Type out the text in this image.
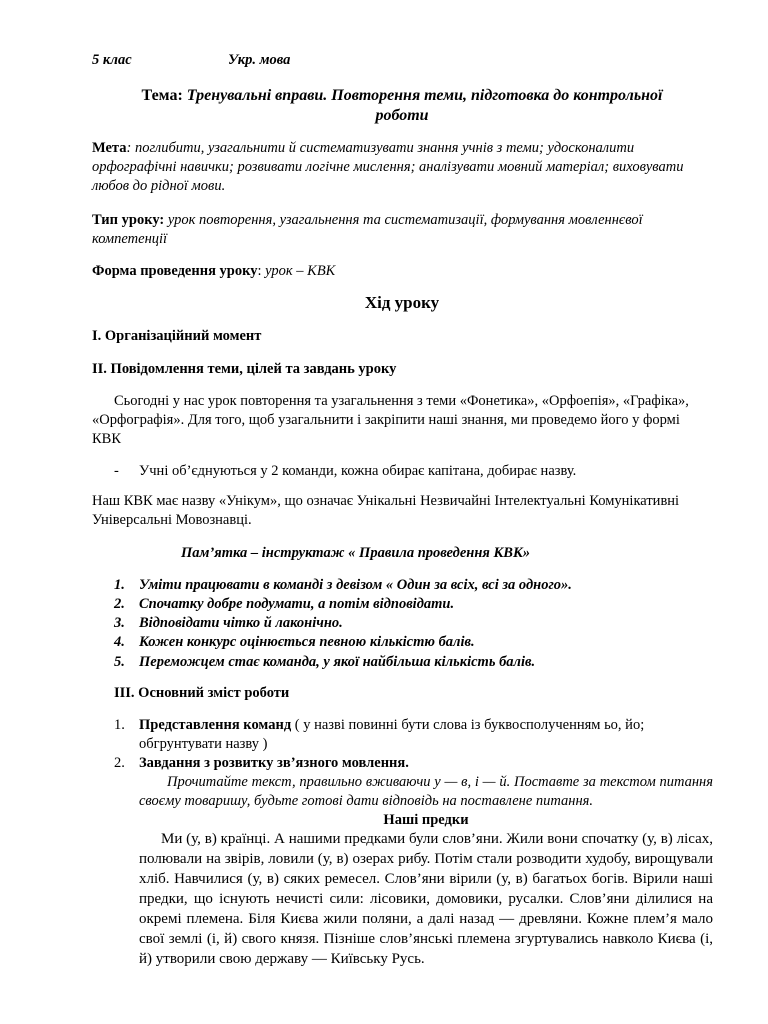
5 клас	Укр. мова
Тема: Тренувальні вправи. Повторення теми, підготовка до контрольної
роботи
Мета: поглибити, узагальнити й систематизувати знання учнів з теми; удосконалити орфографічні навички; розвивати логічне мислення; аналізувати мовний матеріал; виховувати любов до рідної мови.
Тип уроку: урок повторення, узагальнення та систематизації, формування мовленнєвої компетенції
Форма проведення уроку: урок – КВК
Хід уроку
І. Організаційний момент
ІІ. Повідомлення теми, цілей та завдань уроку
Сьогодні у нас урок повторення та узагальнення з теми «Фонетика», «Орфоепія», «Графіка», «Орфографія». Для того, щоб узагальнити і закріпити наші знання, ми проведемо його у формі КВК
- Учні об’єднуються у 2 команди, кожна обирає капітана, добирає назву.
Наш КВК має назву «Унікум», що означає Унікальні Незвичайні Інтелектуальні Комунікативні Універсальні Мовознавці.
Пам’ятка – інструктаж « Правила проведення КВК»
1. Уміти працювати в команді з девізом « Один за всіх, всі за одного».
2. Спочатку добре подумати, а потім відповідати.
3. Відповідати чітко й лаконічно.
4. Кожен конкурс оцінюється певною кількістю балів.
5. Переможцем стає команда, у якої найбільша кількість балів.
ІІІ. Основний зміст роботи
1. Представлення команд ( у назві повинні бути слова із буквосполученням ьо, йо; обгрунтувати назву )
2. Завдання з розвитку зв’язного мовлення.
Прочитайте текст, правильно вживаючи у — в, і — й. Поставте за текстом питання своєму товаришу, будьте готові дати відповідь на поставлене питання.
Наші предки
Ми (у, в) країнці. А нашими предками були слов’яни. Жили вони спочатку (у, в) лісах, полювали на звірів, ловили (у, в) озерах рибу. Потім стали розводити худобу, вирощували хліб. Навчилися (у, в) сяких ремесел. Слов’яни вірили (у, в) багатьох богів. Вірили наші предки, що існують нечисті сили: лісовики, домовики, русалки. Слов’яни ділилися на окремі племена. Біля Києва жили поляни, а далі назад — древляни. Кожне плем’я мало свої землі (і, й) свого князя. Пізніше слов’янські племена згуртувались навколо Києва (і, й) утворили свою державу — Київську Русь.
